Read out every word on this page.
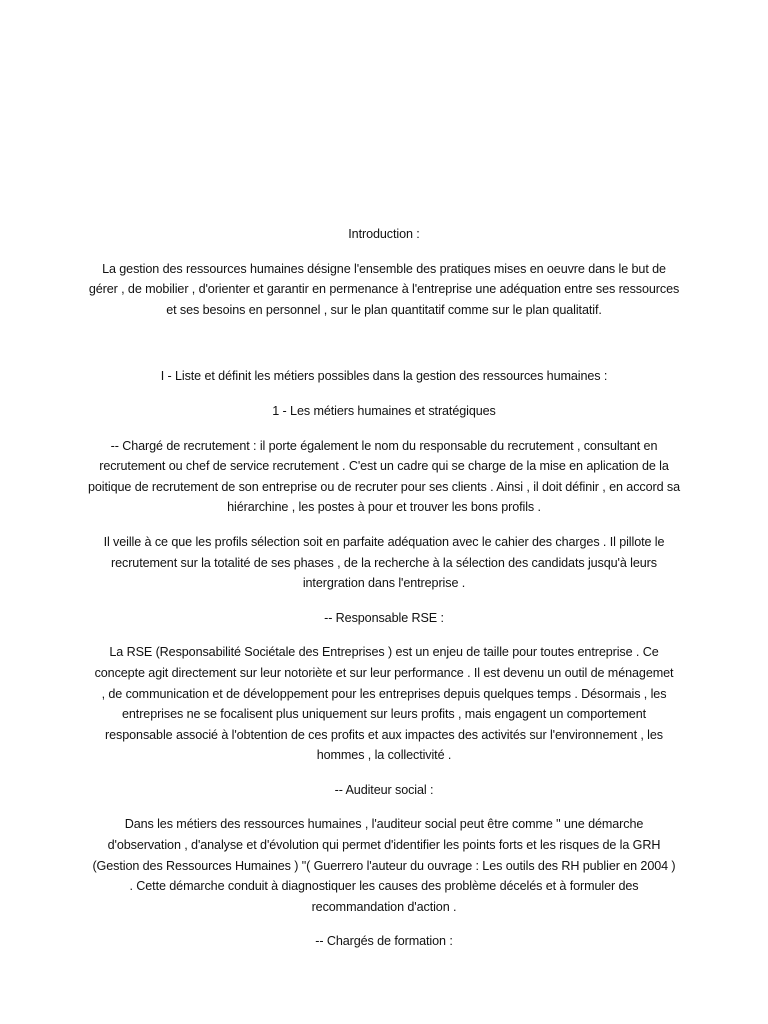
Introduction :

La gestion des ressources humaines désigne l'ensemble des pratiques mises en oeuvre dans le but de gérer , de mobilier , d'orienter et garantir en permenance à l'entreprise une adéquation entre ses ressources et ses besoins en personnel , sur le plan quantitatif comme sur le plan qualitatif.

I - Liste et définit les métiers possibles dans la gestion des ressources humaines :

1 - Les métiers humaines et stratégiques

-- Chargé de recrutement : il porte également le nom du responsable du recrutement , consultant en recrutement ou chef de service recrutement . C'est un cadre qui se charge de la mise en aplication de la poitique de recrutement de son entreprise ou de recruter pour ses clients . Ainsi , il doit définir , en accord sa hiérarchine , les postes à pour et trouver les bons profils .

Il veille à ce que les profils sélection soit en parfaite adéquation avec le cahier des charges . Il pillote le recrutement sur la totalité de ses phases , de la recherche à la sélection des candidats jusqu'à leurs intergration dans l'entreprise .

-- Responsable RSE :

La RSE (Responsabilité Sociétale des Entreprises ) est un enjeu de taille pour toutes entreprise . Ce concepte agit directement sur leur notoriète et sur leur performance . Il est devenu un outil de ménagemet , de communication et de développement pour les entreprises depuis quelques temps . Désormais , les entreprises ne se focalisent plus uniquement sur leurs profits , mais engagent un comportement responsable associé à l'obtention de ces profits et aux impactes des activités sur l'environnement , les hommes , la collectivité .

-- Auditeur social :

Dans les métiers des ressources humaines , l'auditeur social peut être comme " une démarche d'observation , d'analyse et d'évolution qui permet d'identifier les points forts et les risques de la GRH (Gestion des Ressources Humaines ) "( Guerrero l'auteur du ouvrage : Les outils des RH publier en 2004 ) . Cette démarche conduit à diagnostiquer les causes des problème décelés et à formuler des recommandation d'action .

-- Chargés de formation :
